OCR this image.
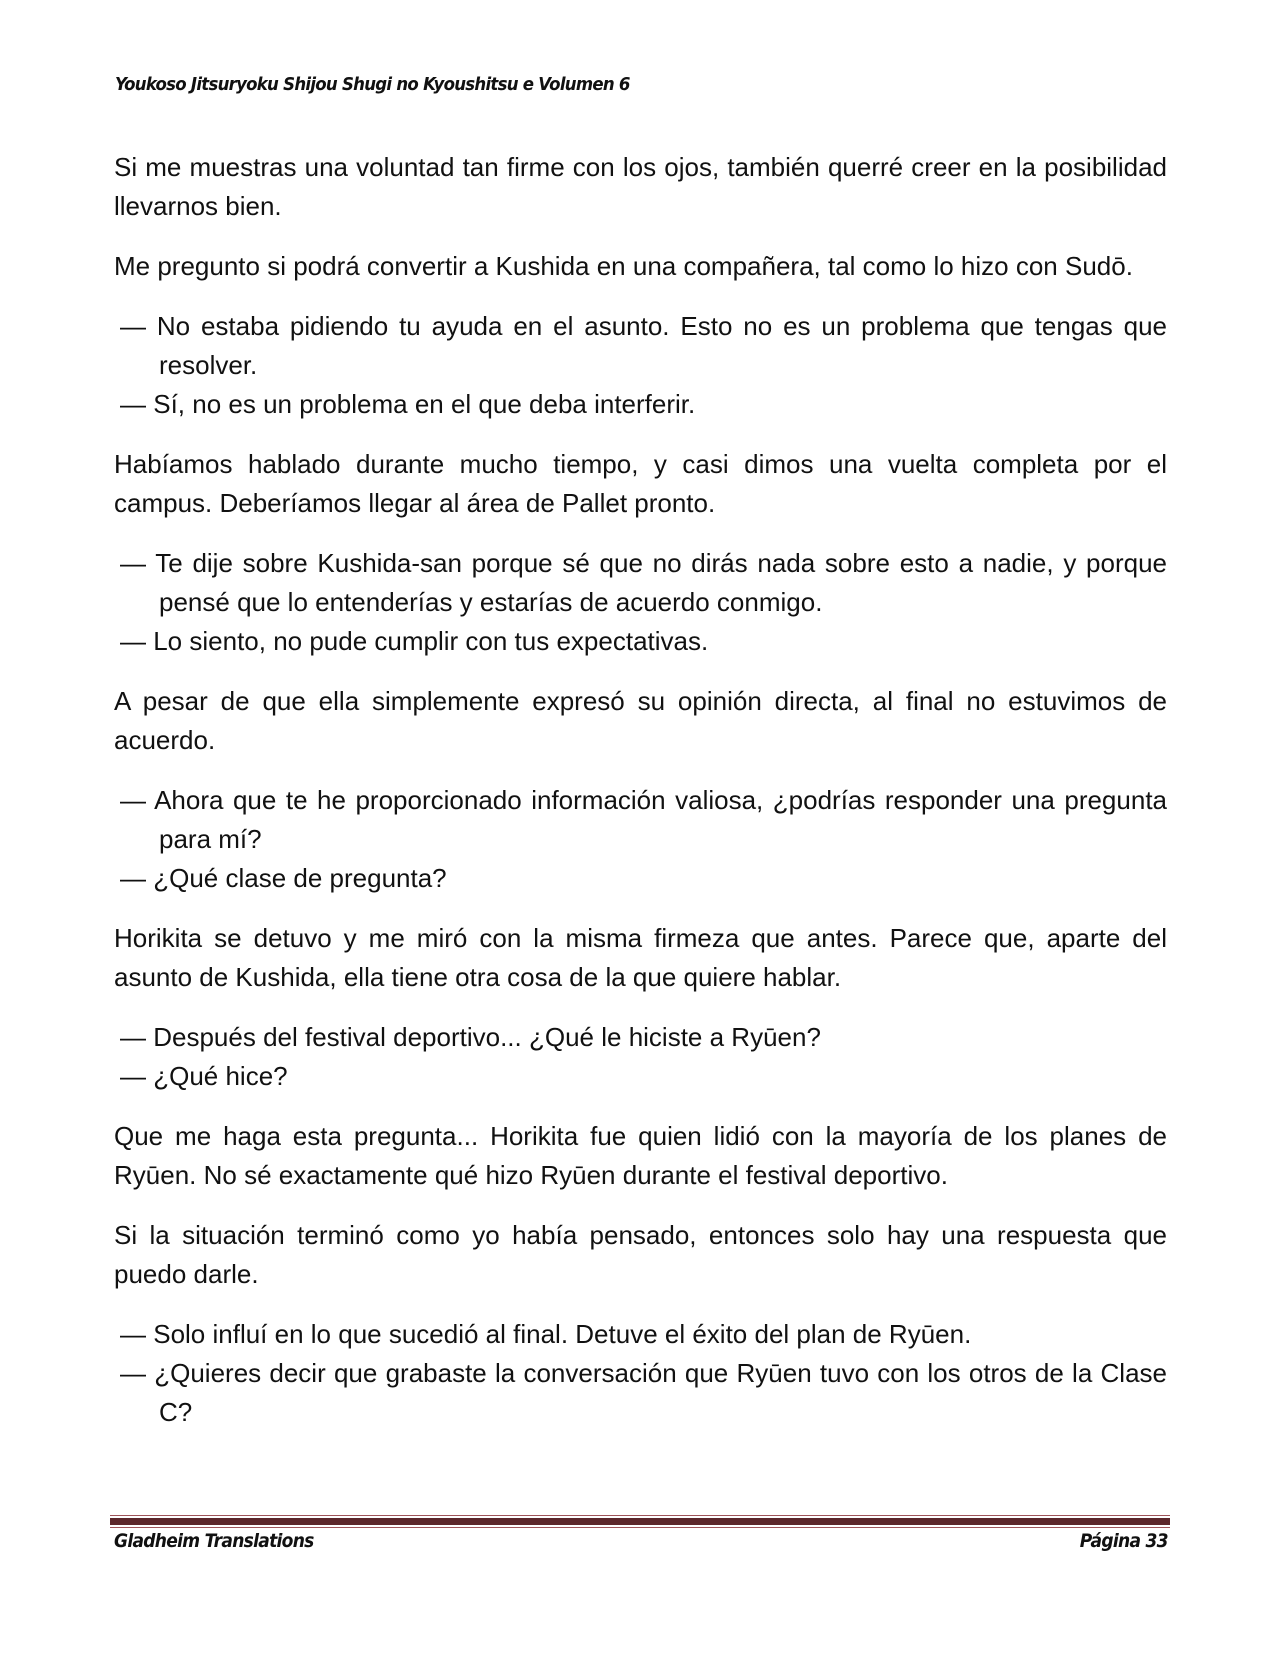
Youkoso Jitsuryoku Shijou Shugi no Kyoushitsu e Volumen 6

Si me muestras una voluntad tan firme con los ojos, también querré creer en la posibilidad llevarnos bien.

Me pregunto si podrá convertir a Kushida en una compañera, tal como lo hizo con Sudō.

— No estaba pidiendo tu ayuda en el asunto. Esto no es un problema que tengas que resolver.
— Sí, no es un problema en el que deba interferir.

Habíamos hablado durante mucho tiempo, y casi dimos una vuelta completa por el campus. Deberíamos llegar al área de Pallet pronto.

— Te dije sobre Kushida-san porque sé que no dirás nada sobre esto a nadie, y porque pensé que lo entenderías y estarías de acuerdo conmigo.
— Lo siento, no pude cumplir con tus expectativas.

A pesar de que ella simplemente expresó su opinión directa, al final no estuvimos de acuerdo.

— Ahora que te he proporcionado información valiosa, ¿podrías responder una pregunta para mí?
— ¿Qué clase de pregunta?

Horikita se detuvo y me miró con la misma firmeza que antes. Parece que, aparte del asunto de Kushida, ella tiene otra cosa de la que quiere hablar.

— Después del festival deportivo... ¿Qué le hiciste a Ryūen?
— ¿Qué hice?

Que me haga esta pregunta... Horikita fue quien lidió con la mayoría de los planes de Ryūen. No sé exactamente qué hizo Ryūen durante el festival deportivo.

Si la situación terminó como yo había pensado, entonces solo hay una respuesta que puedo darle.

— Solo influí en lo que sucedió al final. Detuve el éxito del plan de Ryūen.
— ¿Quieres decir que grabaste la conversación que Ryūen tuvo con los otros de la Clase C?
Gladheim Translations	Página 33
